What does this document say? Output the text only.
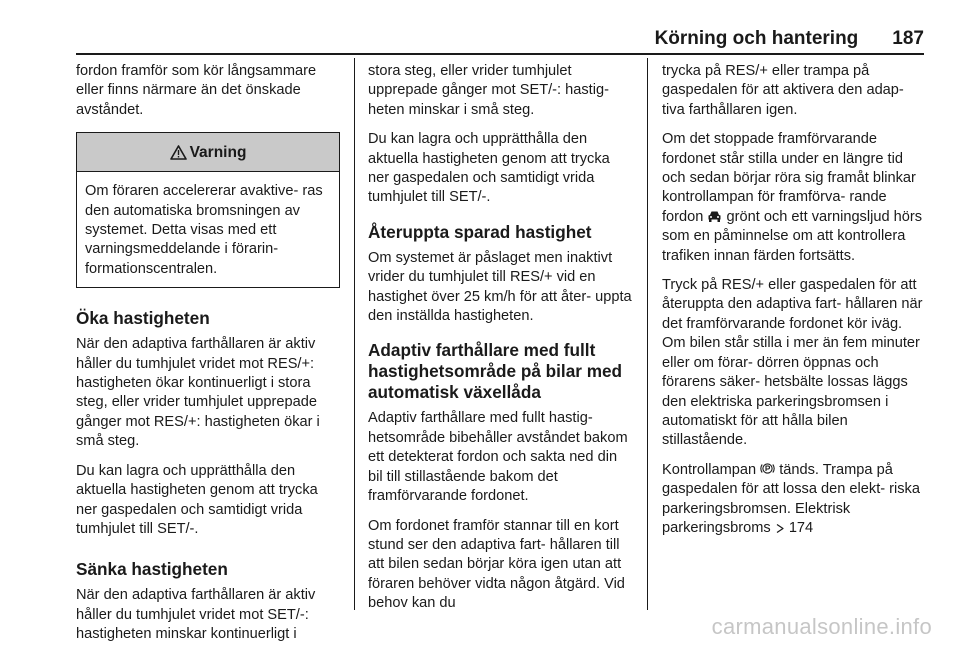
Körning och hantering 187

fordon framför som kör långsammare eller finns närmare än det önskade avståndet.

Varning

Om föraren accelererar avaktive‐ ras den automatiska bromsningen av systemet. Detta visas med ett varningsmeddelande i förarin‐ formationscentralen.

Öka hastigheten

När den adaptiva farthållaren är aktiv håller du tumhjulet vridet mot RES/+: hastigheten ökar kontinuerligt i stora steg, eller vrider tumhjulet upprepade gånger mot RES/+: hastigheten ökar i små steg.

Du kan lagra och upprätthålla den aktuella hastigheten genom att trycka ner gaspedalen och samtidigt vrida tumhjulet till SET/-.

Sänka hastigheten

När den adaptiva farthållaren är aktiv håller du tumhjulet vridet mot SET/-: hastigheten minskar kontinuerligt i

stora steg, eller vrider tumhjulet upprepade gånger mot SET/-: hastig‐ heten minskar i små steg.

Du kan lagra och upprätthålla den aktuella hastigheten genom att trycka ner gaspedalen och samtidigt vrida tumhjulet till SET/-.

Återuppta sparad hastighet

Om systemet är påslaget men inaktivt vrider du tumhjulet till RES/+ vid en hastighet över 25 km/h för att åter‐ uppta den inställda hastigheten.

Adaptiv farthållare med fullt hastighetsområde på bilar med automatisk växellåda

Adaptiv farthållare med fullt hastig‐ hetsområde bibehåller avståndet bakom ett detekterat fordon och sakta ned din bil till stillastående bakom det framförvarande fordonet.

Om fordonet framför stannar till en kort stund ser den adaptiva fart‐ hållaren till att bilen sedan börjar köra igen utan att föraren behöver vidta någon åtgärd. Vid behov kan du

trycka på RES/+ eller trampa på gaspedalen för att aktivera den adap‐ tiva farthållaren igen.

Om det stoppade framförvarande fordonet står stilla under en längre tid och sedan börjar röra sig framåt blinkar kontrollampan för framförva‐ rande fordon grönt och ett varningsljud hörs som en påminnelse om att kontrollera trafiken innan färden fortsätts.

Tryck på RES/+ eller gaspedalen för att återuppta den adaptiva fart‐ hållaren när det framförvarande fordonet kör iväg. Om bilen står stilla i mer än fem minuter eller om förar‐ dörren öppnas och förarens säker‐ hetsbälte lossas läggs den elektriska parkeringsbromsen i automatiskt för att hålla bilen stillastående.

Kontrollampan tänds. Trampa på gaspedalen för att lossa den elekt‐ riska parkeringsbromsen. Elektrisk parkeringsbroms 174

carmanualsonline.info
